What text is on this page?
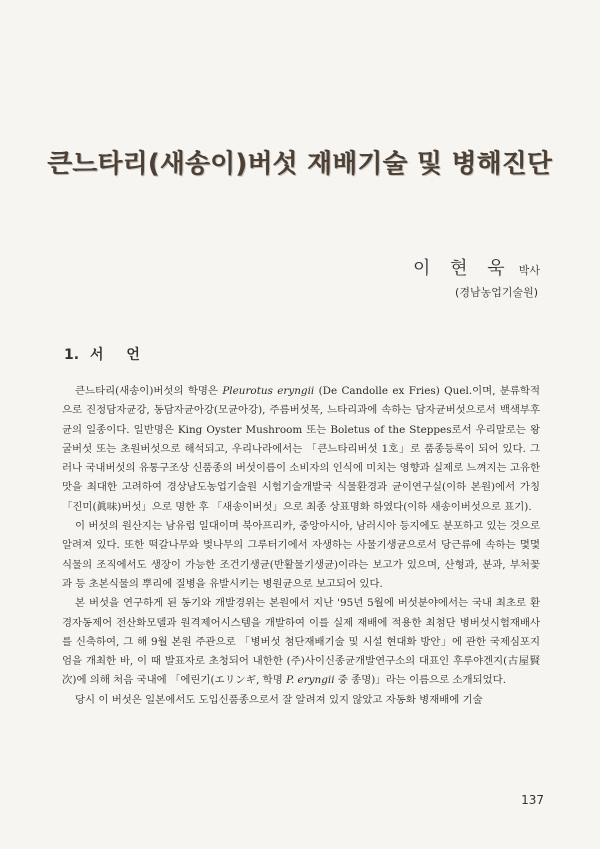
큰느타리(새송이)버섯 재배기술 및 병해진단
이 현 욱 박사
(경남농업기술원)
1. 서 언

큰느타리(새송이)버섯의 학명은 Pleurotus eryngii (De Candolle ex Fries) Quel.이며, 분류학적으로 진정담자균강, 동담자균아강(모균아강), 주름버섯목, 느타리과에 속하는 담자균버섯으로서 백색부후균의 일종이다. 일반명은 King Oyster Mushroom 또는 Boletus of the Steppes로서 우리말로는 왕굴버섯 또는 초원버섯으로 해석되고, 우리나라에서는 「큰느타리버섯 1호」로 품종등록이 되어 있다. 그러나 국내버섯의 유통구조상 신품종의 버섯이름이 소비자의 인식에 미치는 영향과 실제로 느껴지는 고유한 맛을 최대한 고려하여 경상남도농업기술원 시험기술개발국 식물환경과 균이연구실(이하 본원)에서 가칭 「진미(眞味)버섯」으로 명한 후 「새송이버섯」으로 최종 상표명화 하였다(이하 새송이버섯으로 표기).

이 버섯의 원산지는 남유럽 일대이며 북아프리카, 중앙아시아, 남러시아 등지에도 분포하고 있는 것으로 알려져 있다. 또한 떡갈나무와 벚나무의 그루터기에서 자생하는 사물기생균으로서 당근류에 속하는 몇몇 식물의 조직에서도 생장이 가능한 조건기생균(반활물기생균)이라는 보고가 있으며, 산형과, 분과, 부처꽃과 등 초본식물의 뿌리에 질병을 유발시키는 병원균으로 보고되어 있다.

본 버섯을 연구하게 된 동기와 개발경위는 본원에서 지난 '95년 5월에 버섯분야에서는 국내 최초로 환경자동제어 전산화모델과 원격제어시스템을 개발하여 이를 실제 재배에 적용한 최첨단 병버섯시험재배사를 신축하여, 그 해 9월 본원 주관으로 「병버섯 첨단재배기술 및 시설 현대화 방안」에 관한 국제심포지엄을 개최한 바, 이 때 발표자로 초청되어 내한한 (주)사이신종균개발연구소의 대표인 후루야겐지(古屋賢次)에 의해 처음 국내에 「에린기(エリンギ, 학명 P. eryngii 중 종명)」라는 이름으로 소개되었다.

당시 이 버섯은 일본에서도 도입신품종으로서 잘 알려져 있지 않았고 자동화 병재배에 기술

137
